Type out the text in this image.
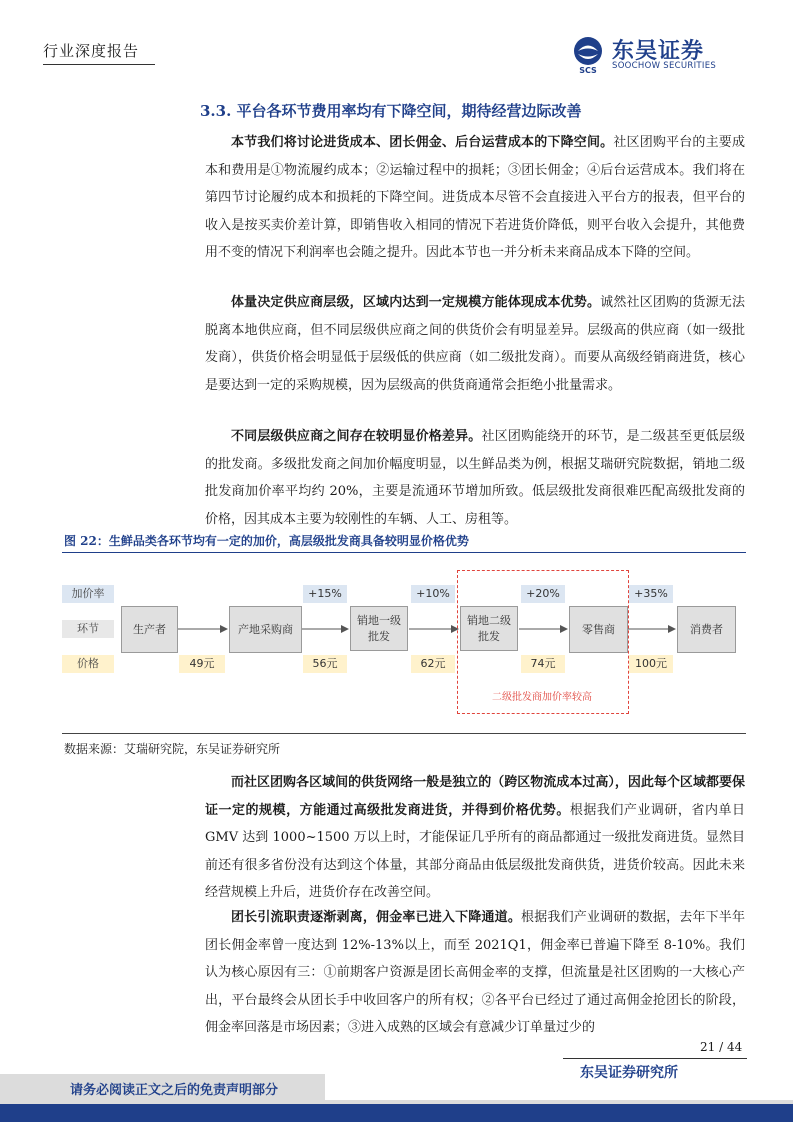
行业深度报告
SCS
东吴证券
SOOCHOW SECURITIES
3.3. 平台各环节费用率均有下降空间，期待经营边际改善
本节我们将讨论进货成本、团长佣金、后台运营成本的下降空间。社区团购平台的主要成本和费用是①物流履约成本；②运输过程中的损耗；③团长佣金；④后台运营成本。我们将在第四节讨论履约成本和损耗的下降空间。进货成本尽管不会直接进入平台方的报表，但平台的收入是按买卖价差计算，即销售收入相同的情况下若进货价降低，则平台收入会提升，其他费用不变的情况下利润率也会随之提升。因此本节也一并分析未来商品成本下降的空间。
体量决定供应商层级，区域内达到一定规模方能体现成本优势。诚然社区团购的货源无法脱离本地供应商，但不同层级供应商之间的供货价会有明显差异。层级高的供应商（如一级批发商），供货价格会明显低于层级低的供应商（如二级批发商）。而要从高级经销商进货，核心是要达到一定的采购规模，因为层级高的供货商通常会拒绝小批量需求。
不同层级供应商之间存在较明显价格差异。社区团购能绕开的环节，是二级甚至更低层级的批发商。多级批发商之间加价幅度明显，以生鲜品类为例，根据艾瑞研究院数据，销地二级批发商加价率平均约 20%，主要是流通环节增加所致。低层级批发商很难匹配高级批发商的价格，因其成本主要为较刚性的车辆、人工、房租等。
图 22：生鲜品类各环节均有一定的加价，高层级批发商具备较明显价格优势
加价率
环节
价格
生产者	产地采购商
销地一级批发
销地二级批发
零售商	消费者
+15%	+10%	+20%	+35%
49元	56元	62元	74元	100元
二级批发商加价率较高
数据来源：艾瑞研究院，东吴证券研究所
而社区团购各区域间的供货网络一般是独立的（跨区物流成本过高），因此每个区域都要保证一定的规模，方能通过高级批发商进货，并得到价格优势。根据我们产业调研，省内单日 GMV 达到 1000~1500 万以上时，才能保证几乎所有的商品都通过一级批发商进货。显然目前还有很多省份没有达到这个体量，其部分商品由低层级批发商供货，进货价较高。因此未来经营规模上升后，进货价存在改善空间。
团长引流职责逐渐剥离，佣金率已进入下降通道。根据我们产业调研的数据，去年下半年团长佣金率曾一度达到 12%-13%以上，而至 2021Q1，佣金率已普遍下降至 8-10%。我们认为核心原因有三：①前期客户资源是团长高佣金率的支撑，但流量是社区团购的一大核心产出，平台最终会从团长手中收回客户的所有权；②各平台已经过了通过高佣金抢团长的阶段，佣金率回落是市场因素；③进入成熟的区域会有意减少订单量过少的
21 / 44
东吴证券研究所
请务必阅读正文之后的免责声明部分
